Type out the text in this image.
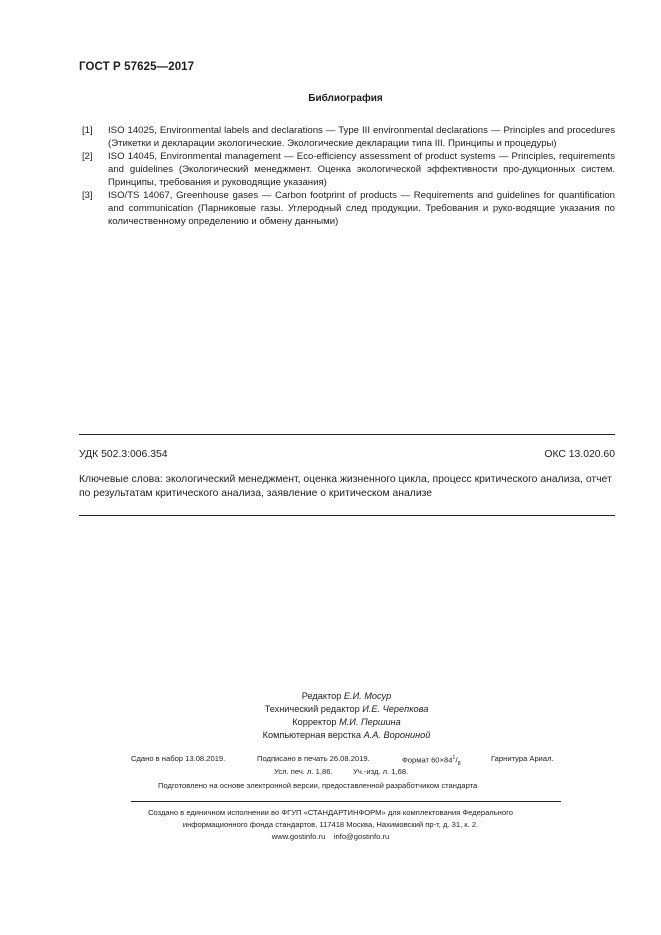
ГОСТ Р 57625—2017
Библиография
[1]	ISO 14025, Environmental labels and declarations — Type III environmental declarations — Principles and procedures (Этикетки и декларации экологические. Экологические декларации типа III. Принципы и процедуры)
[2]	ISO 14045, Environmental management — Eco-efficiency assessment of product systems — Principles, requirements and guidelines (Экологический менеджмент. Оценка экологической эффективности про-дукционных систем. Принципы, требования и руководящие указания)
[3]	ISO/TS 14067, Greenhouse gases — Carbon footprint of products — Requirements and guidelines for quantification and communication (Парниковые газы. Углеродный след продукции. Требования и руко-водящие указания по количественному определению и обмену данными)
УДК 502.3:006.354	ОКС 13.020.60
Ключевые слова: экологический менеджмент, оценка жизненного цикла, процесс критического анализа, отчет по результатам критического анализа, заявление о критическом анализе
Редактор Е.И. Мосур
Технический редактор И.Е. Черепкова
Корректор М.И. Першина
Компьютерная верстка А.А. Ворониной
Сдано в набор 13.08.2019.	Подписано в печать 26.08.2019.	Формат $60\times 84^1/_8$
Гарнитура Ариал.
Усл. печ. л. 1,86.	Уч.-изд. л. 1,68.
Подготовлено на основе электронной версии, предоставленной разработчиком стандарта
Создано в единичном исполнении во ФГУП «СТАНДАРТИНФОРМ» для комплектования Федерального
информационного фонда стандартов, 117418 Москва, Нахимовский пр-т, д. 31, к. 2.
www.gostinfo.ru info@gostinfo.ru
